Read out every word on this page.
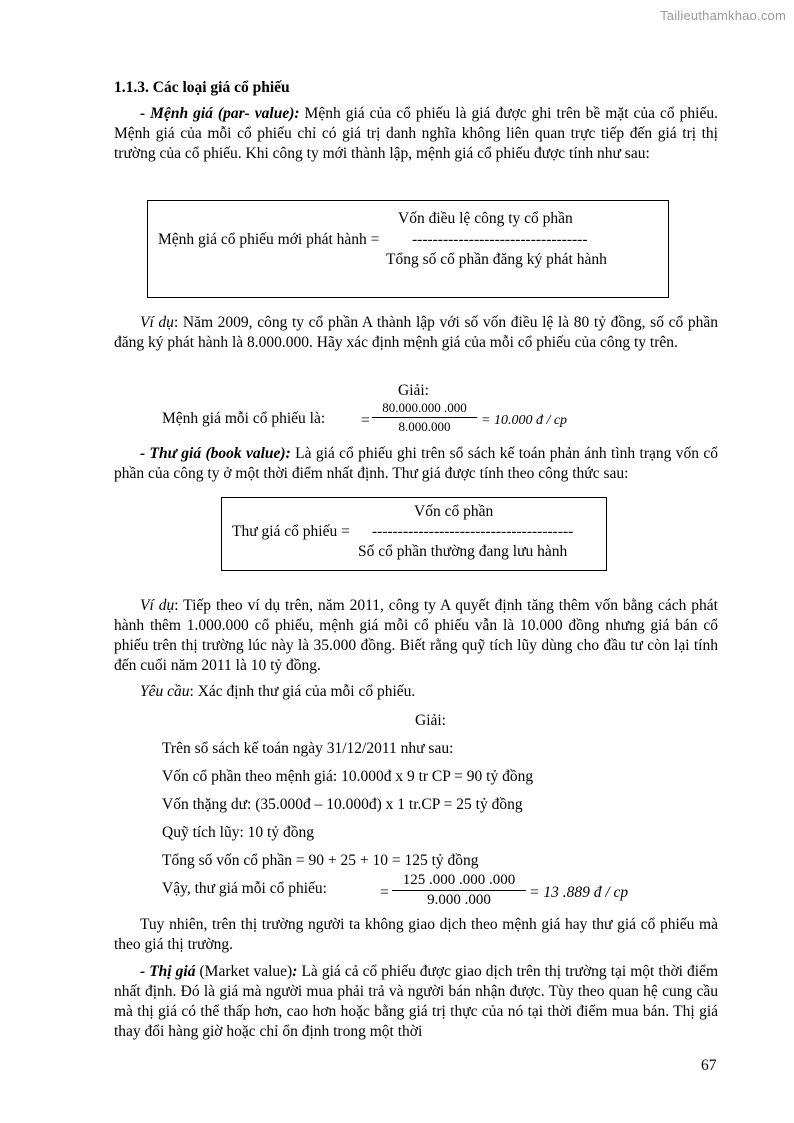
Tailieuthamkhao.com
1.1.3. Các loại giá cổ phiếu
- Mệnh giá (par- value): Mệnh giá của cổ phiếu là giá được ghi trên bề mặt của cổ phiếu. Mệnh giá của mỗi cổ phiếu chỉ có giá trị danh nghĩa không liên quan trực tiếp đến giá trị thị trường của cổ phiếu. Khi công ty mới thành lập, mệnh giá cổ phiếu được tính như sau:
Vốn điều lệ công ty cổ phần
Mệnh giá cổ phiếu mới phát hành = ----------------------------------
Tổng số cổ phần đăng ký phát hành
Ví dụ: Năm 2009, công ty cổ phần A thành lập với số vốn điều lệ là 80 tỷ đồng, số cổ phần đăng ký phát hành là 8.000.000. Hãy xác định mệnh giá của mỗi cổ phiếu của công ty trên.
Giải:
Mệnh giá mỗi cổ phiếu là: =
80.000.000 .000
8.000.000	= 10.000 đ / cp
- Thư giá (book value): Là giá cổ phiếu ghi trên sổ sách kế toán phản ánh tình trạng vốn cổ phần của công ty ở một thời điểm nhất định. Thư giá được tính theo công thức sau:
Vốn cổ phần
Thư giá cổ phiếu = ---------------------------------------
Số cổ phần thường đang lưu hành
Ví dụ: Tiếp theo ví dụ trên, năm 2011, công ty A quyết định tăng thêm vốn bằng cách phát hành thêm 1.000.000 cổ phiếu, mệnh giá mỗi cổ phiếu vẫn là 10.000 đồng nhưng giá bán cổ phiếu trên thị trường lúc này là 35.000 đồng. Biết rằng quỹ tích lũy dùng cho đầu tư còn lại tính đến cuối năm 2011 là 10 tỷ đồng.
Yêu cầu: Xác định thư giá của mỗi cổ phiếu.
Giải:
Trên sổ sách kế toán ngày 31/12/2011 như sau:
Vốn cổ phần theo mệnh giá: 10.000đ x 9 tr CP = 90 tỷ đồng
Vốn thặng dư: (35.000đ – 10.000đ) x 1 tr.CP = 25 tỷ đồng
Quỹ tích lũy: 10 tỷ đồng
Tổng số vốn cổ phần = 90 + 25 + 10 = 125 tỷ đồng
Vậy, thư giá mỗi cổ phiếu:	=
125 .000 .000 .000
9.000 .000	= 13 .889 đ / cp
Tuy nhiên, trên thị trường người ta không giao dịch theo mệnh giá hay thư giá cổ phiếu mà theo giá thị trường.
- Thị giá (Market value): Là giá cả cổ phiếu được giao dịch trên thị trường tại một thời điểm nhất định. Đó là giá mà người mua phải trả và người bán nhận được. Tùy theo quan hệ cung cầu mà thị giá có thể thấp hơn, cao hơn hoặc bằng giá trị thực của nó tại thời điểm mua bán. Thị giá thay đổi hàng giờ hoặc chỉ ổn định trong một thời
67
